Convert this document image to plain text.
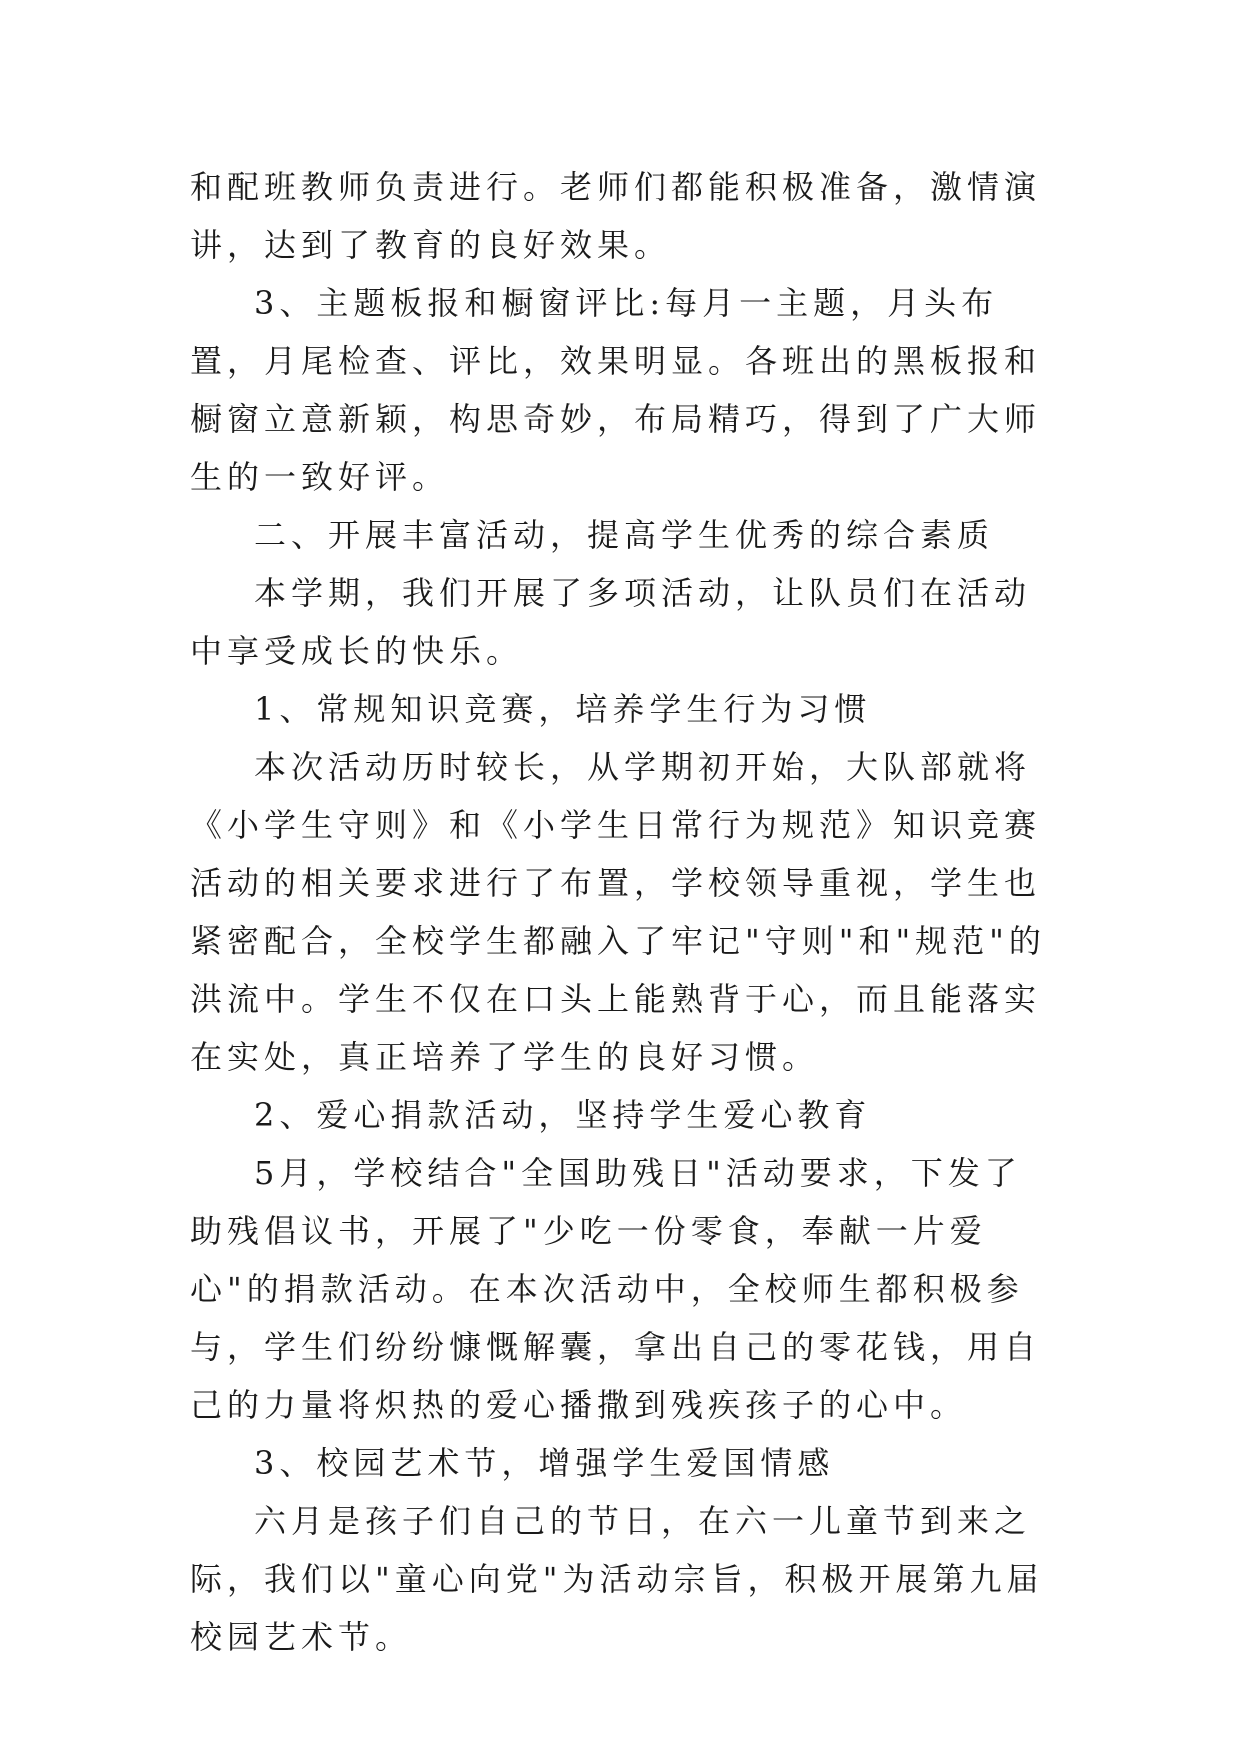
和配班教师负责进行。老师们都能积极准备，激情演讲，达到了教育的良好效果。

3、主题板报和橱窗评比:每月一主题，月头布置，月尾检查、评比，效果明显。各班出的黑板报和橱窗立意新颖，构思奇妙，布局精巧，得到了广大师生的一致好评。

二、开展丰富活动，提高学生优秀的综合素质

本学期，我们开展了多项活动，让队员们在活动中享受成长的快乐。

1、常规知识竞赛，培养学生行为习惯

本次活动历时较长，从学期初开始，大队部就将《小学生守则》和《小学生日常行为规范》知识竞赛活动的相关要求进行了布置，学校领导重视，学生也紧密配合，全校学生都融入了牢记"守则"和"规范"的洪流中。学生不仅在口头上能熟背于心，而且能落实在实处，真正培养了学生的良好习惯。

2、爱心捐款活动，坚持学生爱心教育

5月，学校结合"全国助残日"活动要求，下发了助残倡议书，开展了"少吃一份零食，奉献一片爱心"的捐款活动。在本次活动中，全校师生都积极参与，学生们纷纷慷慨解囊，拿出自己的零花钱，用自己的力量将炽热的爱心播撒到残疾孩子的心中。

3、校园艺术节，增强学生爱国情感

六月是孩子们自己的节日，在六一儿童节到来之际，我们以"童心向党"为活动宗旨，积极开展第九届校园艺术节。
